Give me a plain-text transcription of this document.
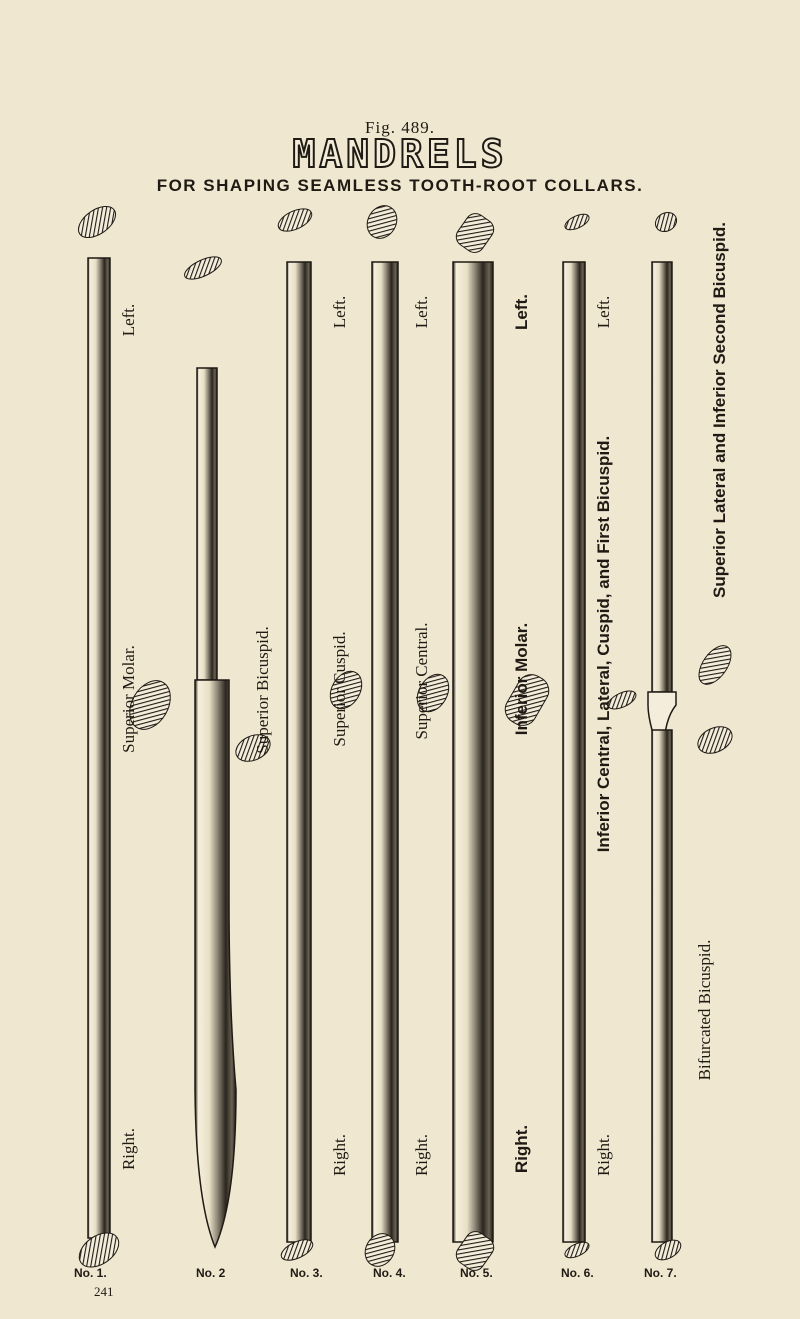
Fig. 489.
MANDRELS
FOR SHAPING SEAMLESS TOOTH-ROOT COLLARS.
Left.
Superior Molar.
Right.
Superior Bicuspid.
Left.
Superior Cuspid.
Right.
Left.
Superior Central.
Right.
Left.
Inferior Molar.
Right.
Left.
Inferior Central, Lateral, Cuspid, and First Bicuspid.
Right.
Superior Lateral and Inferior Second Bicuspid.
Bifurcated Bicuspid.
No. 1.	No. 2	No. 3.	No. 4.	No. 5.	No. 6.	No. 7.
241
